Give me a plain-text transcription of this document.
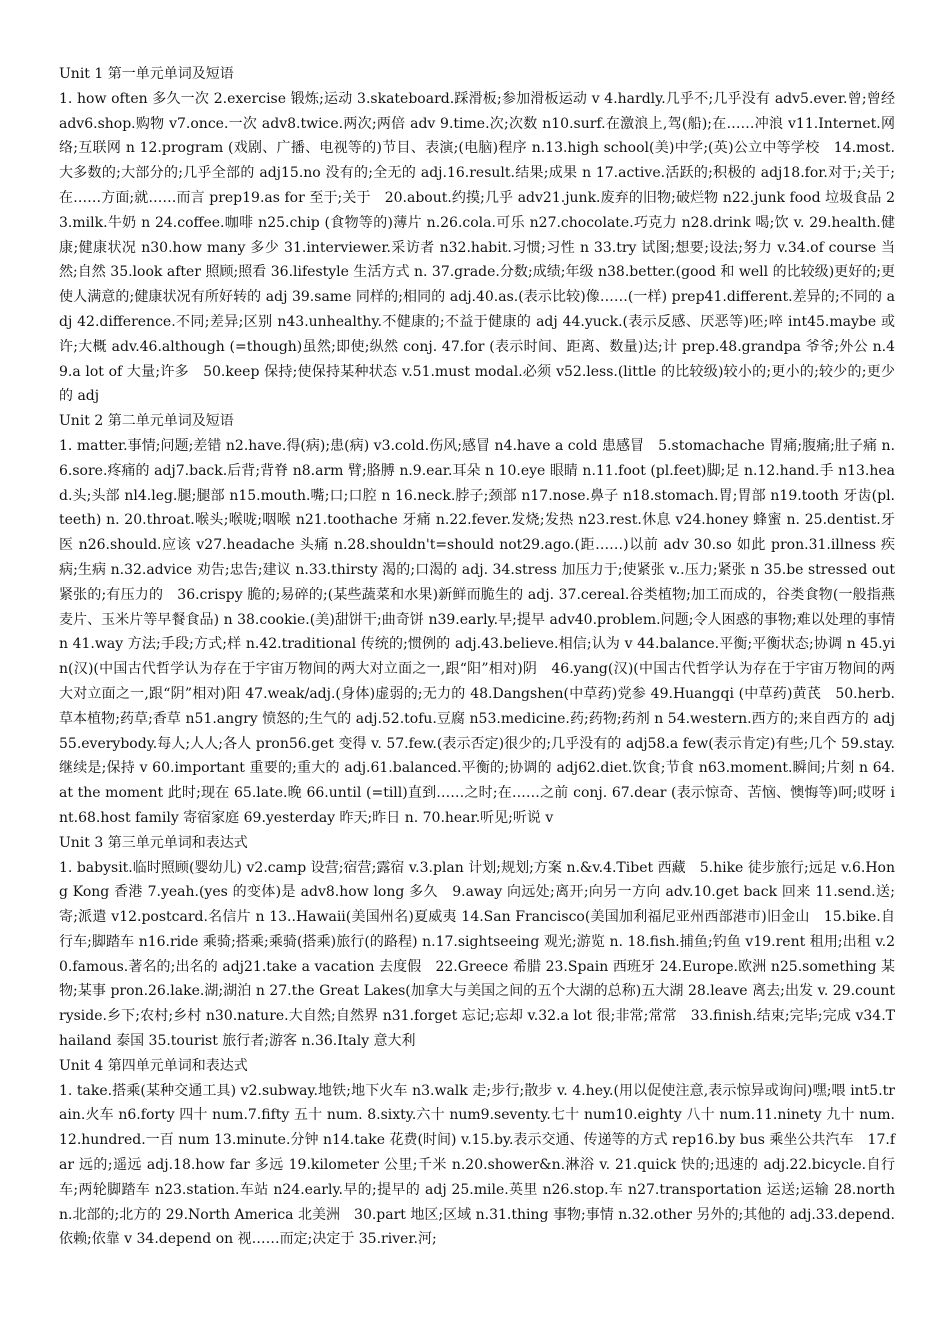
Unit 1 第一单元单词及短语

1. how often 多久一次 2.exercise 锻炼;运动 3.skateboard.踩滑板;参加滑板运动 v 4.hardly.几乎不;几乎没有 adv5.ever.曾;曾经 adv6.shop.购物 v7.once.一次 adv8.twice.两次;两倍 adv 9.time.次;次数 n10.surf.在激浪上,驾(船);在……冲浪 v11.Internet.网络;互联网 n 12.program (戏剧、广播、电视等的)节目、表演;(电脑)程序 n.13.high school(美)中学;(英)公立中等学校　14.most.大多数的;大部分的;几乎全部的 adj15.no 没有的;全无的 adj.16.result.结果;成果 n 17.active.活跃的;积极的 adj18.for.对于;关于;在……方面;就……而言 prep19.as for 至于;关于　20.about.约摸;几乎 adv21.junk.废弃的旧物;破烂物 n22.junk food 垃圾食品 23.milk.牛奶 n 24.coffee.咖啡 n25.chip (食物等的)薄片 n.26.cola.可乐 n27.chocolate.巧克力 n28.drink 喝;饮 v. 29.health.健康;健康状况 n30.how many 多少 31.interviewer.采访者 n32.habit.习惯;习性 n 33.try 试图;想要;设法;努力 v.34.of course 当然;自然 35.look after 照顾;照看 36.lifestyle 生活方式 n. 37.grade.分数;成绩;年级 n38.better.(good 和 well 的比较级)更好的;更使人满意的;健康状况有所好转的 adj 39.same 同样的;相同的 adj.40.as.(表示比较)像……(一样) prep41.different.差异的;不同的 adj 42.difference.不同;差异;区别 n43.unhealthy.不健康的;不益于健康的 adj 44.yuck.(表示反感、厌恶等)呸;啐 int45.maybe 或许;大概 adv.46.although (=though)虽然;即使;纵然 conj. 47.for (表示时间、距离、数量)达;计 prep.48.grandpa 爷爷;外公 n.49.a lot of 大量;许多　50.keep 保持;使保持某种状态 v.51.must modal.必须 v52.less.(little 的比较级)较小的;更小的;较少的;更少的 adj

Unit 2 第二单元单词及短语

1. matter.事情;问题;差错 n2.have.得(病);患(病) v3.cold.伤风;感冒 n4.have a cold 患感冒　5.stomachache 胃痛;腹痛;肚子痛 n.6.sore.疼痛的 adj7.back.后背;背脊 n8.arm 臂;胳膊 n.9.ear.耳朵 n 10.eye 眼睛 n.11.foot (pl.feet)脚;足 n.12.hand.手 n13.head.头;头部 nl4.leg.腿;腿部 n15.mouth.嘴;口;口腔 n 16.neck.脖子;颈部 n17.nose.鼻子 n18.stomach.胃;胃部 n19.tooth 牙齿(pl.teeth) n. 20.throat.喉头;喉咙;咽喉 n21.toothache 牙痛 n.22.fever.发烧;发热 n23.rest.休息 v24.honey 蜂蜜 n. 25.dentist.牙医 n26.should.应该 v27.headache 头痛 n.28.shouldn't=should not29.ago.(距……)以前 adv 30.so 如此 pron.31.illness 疾病;生病 n.32.advice 劝告;忠告;建议 n.33.thirsty 渴的;口渴的 adj. 34.stress 加压力于;使紧张 v..压力;紧张 n 35.be stressed out 紧张的;有压力的　36.crispy 脆的;易碎的;(某些蔬菜和水果)新鲜而脆生的 adj. 37.cereal.谷类植物;加工而成的，谷类食物(一般指燕麦片、玉米片等早餐食品) n 38.cookie.(美)甜饼干;曲奇饼 n39.early.早;提早 adv40.problem.问题;令人困惑的事物;难以处理的事情 n 41.way 方法;手段;方式;样 n.42.traditional 传统的;惯例的 adj.43.believe.相信;认为 v 44.balance.平衡;平衡状态;协调 n 45.yin(汉)(中国古代哲学认为存在于宇宙万物间的两大对立面之一,跟“阳”相对)阴　46.yang(汉)(中国古代哲学认为存在于宇宙万物间的两大对立面之一,跟“阴”相对)阳 47.weak/adj.(身体)虚弱的;无力的 48.Dangshen(中草药)党参 49.Huangqi (中草药)黄芪　50.herb.草本植物;药草;香草 n51.angry 愤怒的;生气的 adj.52.tofu.豆腐 n53.medicine.药;药物;药剂 n 54.western.西方的;来自西方的 adj55.everybody.每人;人人;各人 pron56.get 变得 v. 57.few.(表示否定)很少的;几乎没有的 adj58.a few(表示肯定)有些;几个 59.stay.继续是;保持 v 60.important 重要的;重大的 adj.61.balanced.平衡的;协调的 adj62.diet.饮食;节食 n63.moment.瞬间;片刻 n 64. at the moment 此时;现在 65.late.晚 66.until (=till)直到……之时;在……之前 conj. 67.dear (表示惊奇、苦恼、懊悔等)呵;哎呀 int.68.host family 寄宿家庭 69.yesterday 昨天;昨日 n. 70.hear.听见;听说 v

Unit 3 第三单元单词和表达式

1. babysit.临时照顾(婴幼儿) v2.camp 设营;宿营;露宿 v.3.plan 计划;规划;方案 n.&v.4.Tibet 西藏　5.hike 徒步旅行;远足 v.6.Hong Kong 香港 7.yeah.(yes 的变体)是 adv8.how long 多久　9.away 向远处;离开;向另一方向 adv.10.get back 回来 11.send.送;寄;派遣 v12.postcard.名信片 n 13..Hawaii(美国州名)夏威夷 14.San Francisco(美国加利福尼亚州西部港市)旧金山　15.bike.自行车;脚踏车 n16.ride 乘骑;搭乘;乘骑(搭乘)旅行(的路程) n.17.sightseeing 观光;游览 n. 18.fish.捕鱼;钓鱼 v19.rent 租用;出租 v.20.famous.著名的;出名的 adj21.take a vacation 去度假　22.Greece 希腊 23.Spain 西班牙 24.Europe.欧洲 n25.something 某物;某事 pron.26.lake.湖;湖泊 n 27.the Great Lakes(加拿大与美国之间的五个大湖的总称)五大湖 28.leave 离去;出发 v. 29.countryside.乡下;农村;乡村 n30.nature.大自然;自然界 n31.forget 忘记;忘却 v.32.a lot 很;非常;常常　33.finish.结束;完毕;完成 v34.Thailand 泰国 35.tourist 旅行者;游客 n.36.Italy 意大利

Unit 4 第四单元单词和表达式

1. take.搭乘(某种交通工具) v2.subway.地铁;地下火车 n3.walk 走;步行;散步 v. 4.hey.(用以促使注意,表示惊异或询问)嘿;喂 int5.train.火车 n6.forty 四十 num.7.fifty 五十 num. 8.sixty.六十 num9.seventy.七十 num10.eighty 八十 num.11.ninety 九十 num.12.hundred.一百 num 13.minute.分钟 n14.take 花费(时间) v.15.by.表示交通、传递等的方式 rep16.by bus 乘坐公共汽车　17.far 远的;遥远 adj.18.how far 多远 19.kilometer 公里;千米 n.20.shower&n.淋浴 v. 21.quick 快的;迅速的 adj.22.bicycle.自行车;两轮脚踏车 n23.station.车站 n24.early.早的;提早的 adj 25.mile.英里 n26.stop.车 n27.transportation 运送;运输 28.northn.北部的;北方的 29.North America 北美洲　30.part 地区;区域 n.31.thing 事物;事情 n.32.other 另外的;其他的 adj.33.depend.依赖;依靠 v 34.depend on 视……而定;决定于 35.river.河;
